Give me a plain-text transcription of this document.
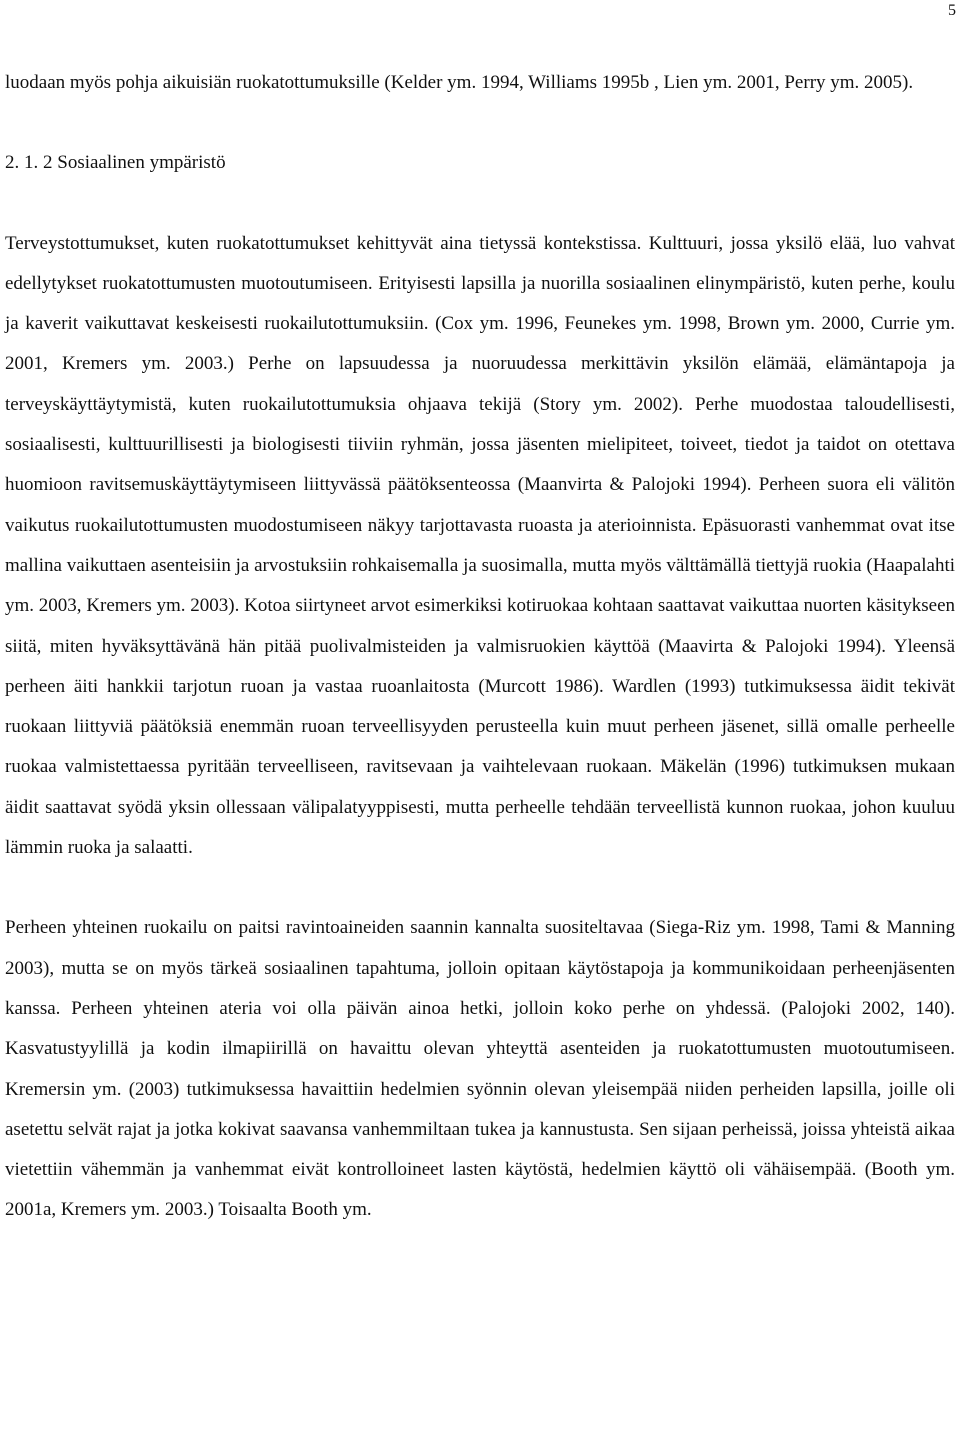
5

luodaan myös pohja aikuisiän ruokatottumuksille (Kelder ym. 1994, Williams 1995b , Lien ym. 2001, Perry ym. 2005).

2. 1. 2 Sosiaalinen ympäristö

Terveystottumukset, kuten ruokatottumukset kehittyvät aina tietyssä kontekstissa. Kulttuuri, jossa yksilö elää, luo vahvat edellytykset ruokatottumusten muotoutumiseen. Erityisesti lapsilla ja nuorilla sosiaalinen elinympäristö, kuten perhe, koulu ja kaverit vaikuttavat keskeisesti ruokailutottumuksiin. (Cox ym. 1996, Feunekes ym. 1998, Brown ym. 2000, Currie ym. 2001, Kremers ym. 2003.) Perhe on lapsuudessa ja nuoruudessa merkittävin yksilön elämää, elämäntapoja ja terveyskäyttäytymistä, kuten ruokailutottumuksia ohjaava tekijä (Story ym. 2002). Perhe muodostaa taloudellisesti, sosiaalisesti, kulttuurillisesti ja biologisesti tiiviin ryhmän, jossa jäsenten mielipiteet, toiveet, tiedot ja taidot on otettava huomioon ravitsemuskäyttäytymiseen liittyvässä päätöksenteossa (Maanvirta & Palojoki 1994). Perheen suora eli välitön vaikutus ruokailutottumusten muodostumiseen näkyy tarjottavasta ruoasta ja aterioinnista. Epäsuorasti vanhemmat ovat itse mallina vaikuttaen asenteisiin ja arvostuksiin rohkaisemalla ja suosimalla, mutta myös välttämällä tiettyjä ruokia (Haapalahti ym. 2003, Kremers ym. 2003). Kotoa siirtyneet arvot esimerkiksi kotiruokaa kohtaan saattavat vaikuttaa nuorten käsitykseen siitä, miten hyväksyttävänä hän pitää puolivalmisteiden ja valmisruokien käyttöä (Maavirta & Palojoki 1994). Yleensä perheen äiti hankkii tarjotun ruoan ja vastaa ruoanlaitosta (Murcott 1986). Wardlen (1993) tutkimuksessa äidit tekivät ruokaan liittyviä päätöksiä enemmän ruoan terveellisyyden perusteella kuin muut perheen jäsenet, sillä omalle perheelle ruokaa valmistettaessa pyritään terveelliseen, ravitsevaan ja vaihtelevaan ruokaan. Mäkelän (1996) tutkimuksen mukaan äidit saattavat syödä yksin ollessaan välipalatyyppisesti, mutta perheelle tehdään terveellistä kunnon ruokaa, johon kuuluu lämmin ruoka ja salaatti.

Perheen yhteinen ruokailu on paitsi ravintoaineiden saannin kannalta suositeltavaa (Siega-Riz ym. 1998, Tami & Manning 2003), mutta se on myös tärkeä sosiaalinen tapahtuma, jolloin opitaan käytöstapoja ja kommunikoidaan perheenjäsenten kanssa. Perheen yhteinen ateria voi olla päivän ainoa hetki, jolloin koko perhe on yhdessä. (Palojoki 2002, 140). Kasvatustyylillä ja kodin ilmapiirillä on havaittu olevan yhteyttä asenteiden ja ruokatottumusten muotoutumiseen. Kremersin ym. (2003) tutkimuksessa havaittiin hedelmien syönnin olevan yleisempää niiden perheiden lapsilla, joille oli asetettu selvät rajat ja jotka kokivat saavansa vanhemmiltaan tukea ja kannustusta. Sen sijaan perheissä, joissa yhteistä aikaa vietettiin vähemmän ja vanhemmat eivät kontrolloineet lasten käytöstä, hedelmien käyttö oli vähäisempää. (Booth ym. 2001a, Kremers ym. 2003.) Toisaalta Booth ym.
